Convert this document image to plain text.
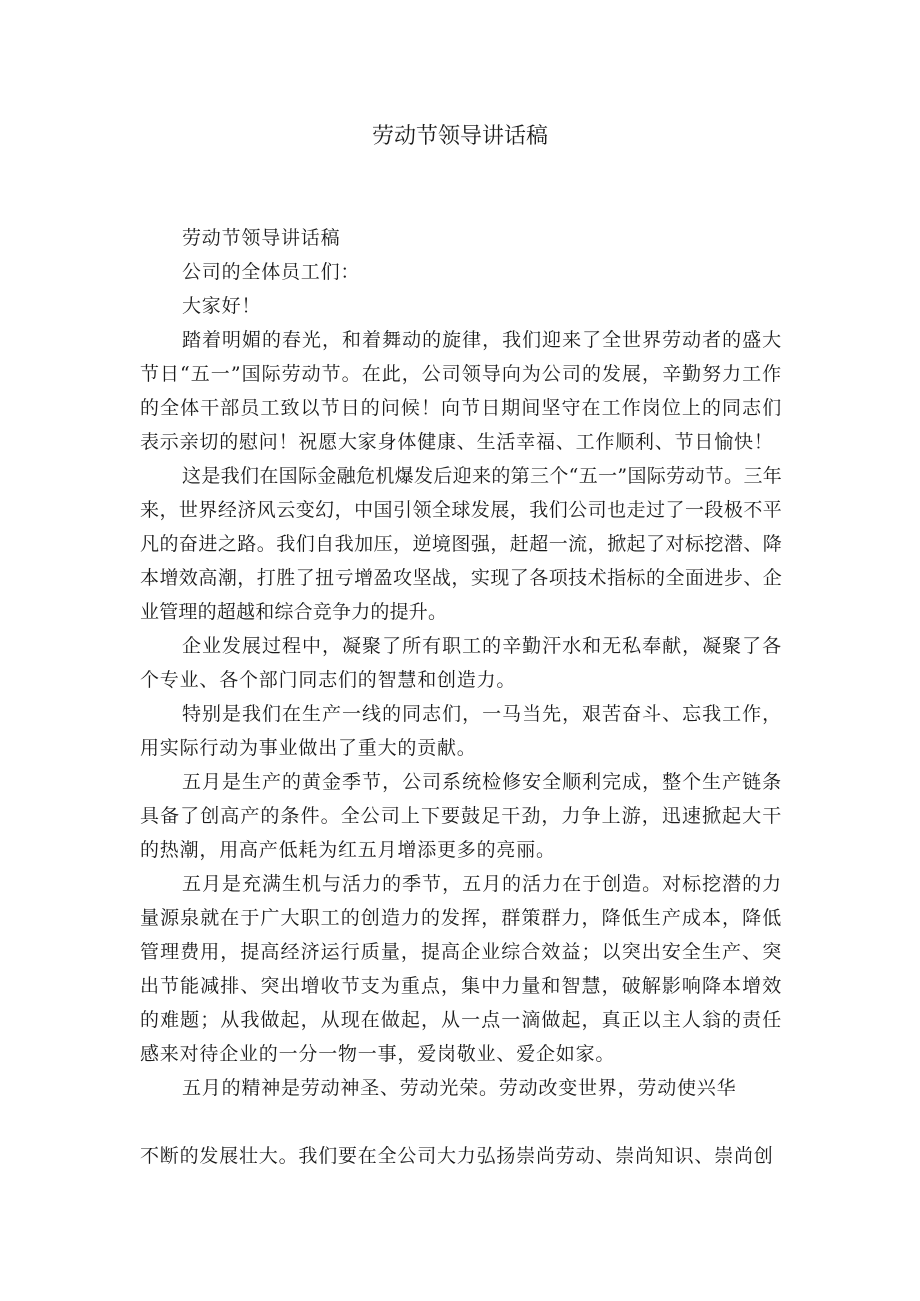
劳动节领导讲话稿

劳动节领导讲话稿

公司的全体员工们：

大家好！

踏着明媚的春光，和着舞动的旋律，我们迎来了全世界劳动者的盛大节日“五一”国际劳动节。在此，公司领导向为公司的发展，辛勤努力工作的全体干部员工致以节日的问候！向节日期间坚守在工作岗位上的同志们表示亲切的慰问！祝愿大家身体健康、生活幸福、工作顺利、节日愉快！

这是我们在国际金融危机爆发后迎来的第三个“五一”国际劳动节。三年来，世界经济风云变幻，中国引领全球发展，我们公司也走过了一段极不平凡的奋进之路。我们自我加压，逆境图强，赶超一流，掀起了对标挖潜、降本增效高潮，打胜了扭亏增盈攻坚战，实现了各项技术指标的全面进步、企业管理的超越和综合竞争力的提升。

企业发展过程中，凝聚了所有职工的辛勤汗水和无私奉献，凝聚了各个专业、各个部门同志们的智慧和创造力。

特别是我们在生产一线的同志们，一马当先，艰苦奋斗、忘我工作，用实际行动为事业做出了重大的贡献。

五月是生产的黄金季节，公司系统检修安全顺利完成，整个生产链条具备了创高产的条件。全公司上下要鼓足干劲，力争上游，迅速掀起大干的热潮，用高产低耗为红五月增添更多的亮丽。

五月是充满生机与活力的季节，五月的活力在于创造。对标挖潜的力量源泉就在于广大职工的创造力的发挥，群策群力，降低生产成本，降低管理费用，提高经济运行质量，提高企业综合效益；以突出安全生产、突出节能减排、突出增收节支为重点，集中力量和智慧，破解影响降本增效的难题；从我做起，从现在做起，从一点一滴做起，真正以主人翁的责任感来对待企业的一分一物一事，爱岗敬业、爱企如家。

五月的精神是劳动神圣、劳动光荣。劳动改变世界，劳动使兴华

不断的发展壮大。我们要在全公司大力弘扬崇尚劳动、崇尚知识、崇尚创
